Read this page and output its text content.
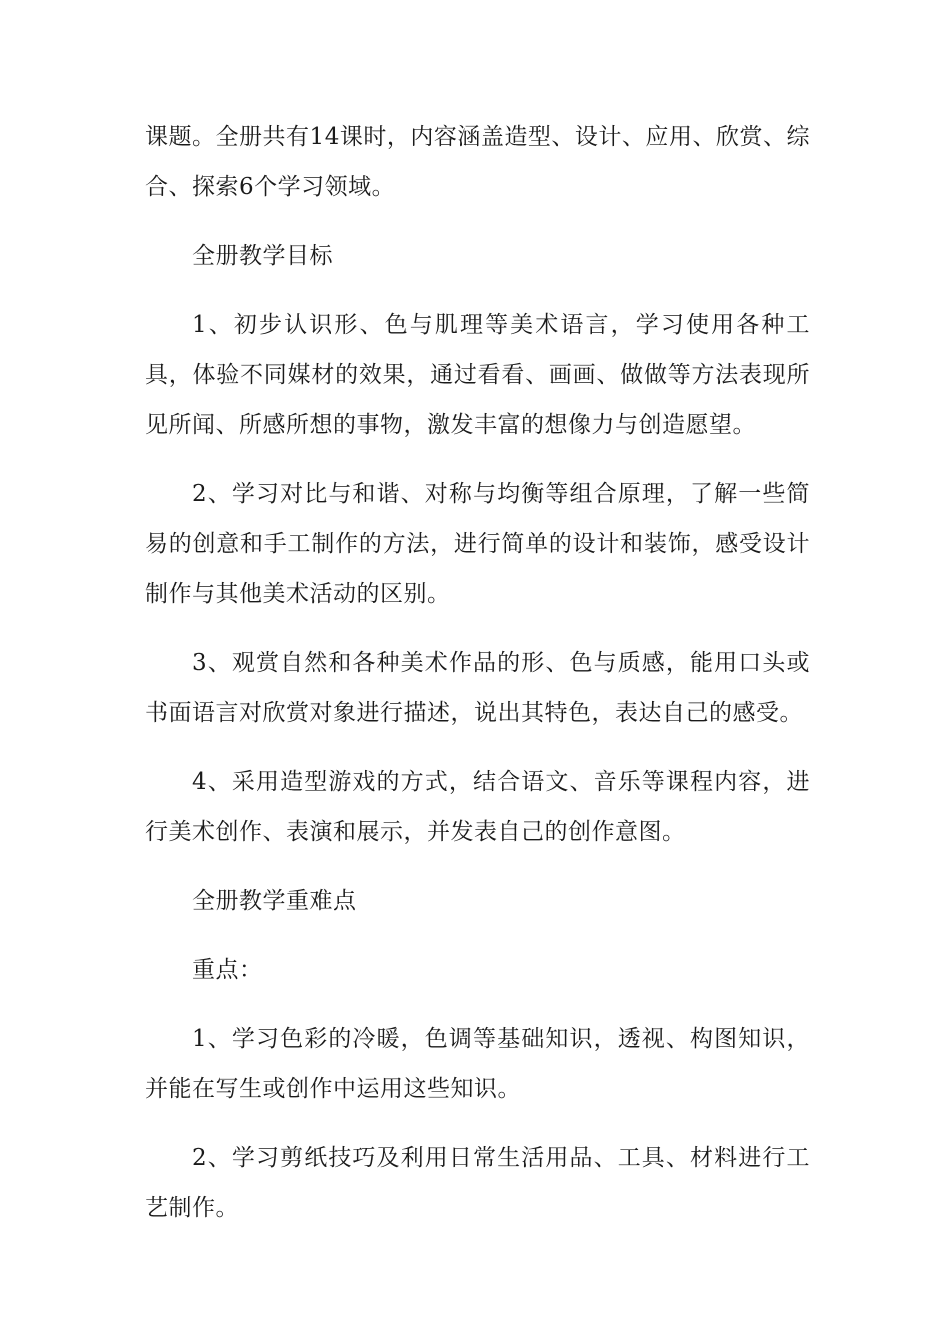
课题。全册共有14课时，内容涵盖造型、设计、应用、欣赏、综合、探索6个学习领域。

全册教学目标

1、初步认识形、色与肌理等美术语言，学习使用各种工具，体验不同媒材的效果，通过看看、画画、做做等方法表现所见所闻、所感所想的事物，激发丰富的想像力与创造愿望。

2、学习对比与和谐、对称与均衡等组合原理，了解一些简易的创意和手工制作的方法，进行简单的设计和装饰，感受设计制作与其他美术活动的区别。

3、观赏自然和各种美术作品的形、色与质感，能用口头或书面语言对欣赏对象进行描述，说出其特色，表达自己的感受。

4、采用造型游戏的方式，结合语文、音乐等课程内容，进行美术创作、表演和展示，并发表自己的创作意图。

全册教学重难点

重点：

1、学习色彩的冷暖，色调等基础知识，透视、构图知识，并能在写生或创作中运用这些知识。

2、学习剪纸技巧及利用日常生活用品、工具、材料进行工艺制作。
